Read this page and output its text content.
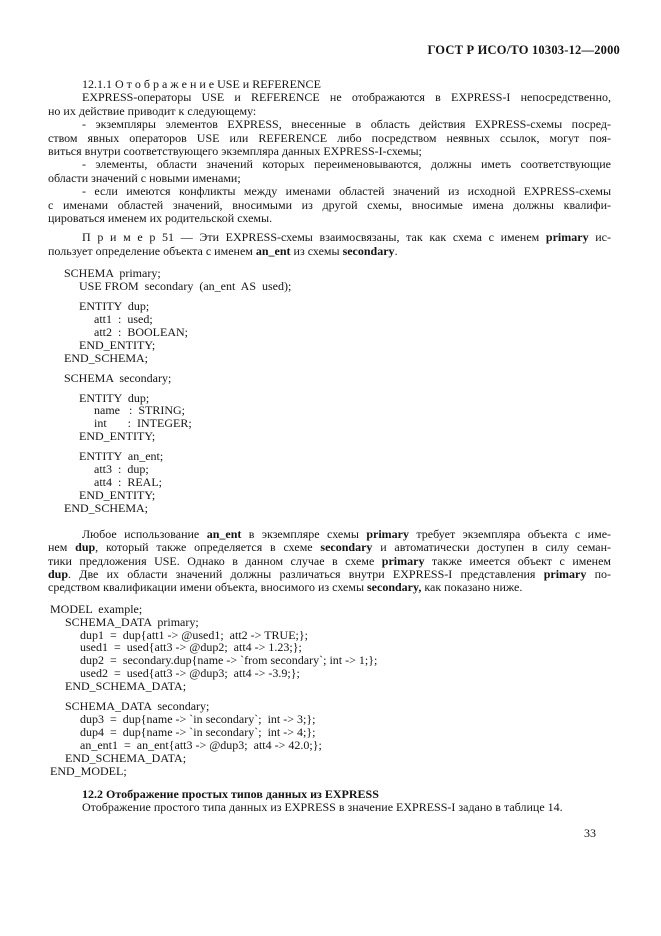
ГОСТ Р ИСО/ТО 10303-12—2000
12.1.1 О т о б р а ж е н и е USE и REFERENCE
EXPRESS-операторы USE и REFERENCE не отображаются в EXPRESS-I непосредственно,
но их действие приводит к следующему:
- экземпляры элементов EXPRESS, внесенные в область действия EXPRESS-схемы посред-
ством явных операторов USE или REFERENCE либо посредством неявных ссылок, могут поя-
виться внутри соответствующего экземпляра данных EXPRESS-I-схемы;
- элементы, области значений которых переименовываются, должны иметь соответствующие
области значений с новыми именами;
- если имеются конфликты между именами областей значений из исходной EXPRESS-схемы
с именами областей значений, вносимыми из другой схемы, вносимые имена должны квалифи-
цироваться именем их родительской схемы.
П р и м е р 51 — Эти EXPRESS-схемы взаимосвязаны, так как схема с именем primary ис-
пользует определение объекта с именем an_ent из схемы secondary.
SCHEMA  primary;
USE FROM  secondary  (an_ent  AS  used);
ENTITY  dup;
att1  :  used;
att2  :  BOOLEAN;
END_ENTITY;
END_SCHEMA;
SCHEMA  secondary;
ENTITY  dup;
name   :  STRING;
int       :  INTEGER;
END_ENTITY;
ENTITY  an_ent;
att3  :  dup;
att4  :  REAL;
END_ENTITY;
END_SCHEMA;
Любое использование an_ent в экземпляре схемы primary требует экземпляра объекта с име-
нем dup, который также определяется в схеме secondary и автоматически доступен в силу семан-
тики предложения USE. Однако в данном случае в схеме primary также имеется объект с именем
dup. Две их области значений должны различаться внутри EXPRESS-I представления primary по-
средством квалификации имени объекта, вносимого из схемы secondary, как показано ниже.
MODEL  example;
SCHEMA_DATA  primary;
dup1  =  dup{att1 -> @used1;  att2 -> TRUE;};
used1  =  used{att3 -> @dup2;  att4 -> 1.23;};
dup2  =  secondary.dup{name -> `from secondary`; int -> 1;};
used2  =  used{att3 -> @dup3;  att4 -> -3.9;};
END_SCHEMA_DATA;
SCHEMA_DATA  secondary;
dup3  =  dup{name -> `in secondary`;  int -> 3;};
dup4  =  dup{name -> `in secondary`;  int -> 4;};
an_ent1  =  an_ent{att3 -> @dup3;  att4 -> 42.0;};
END_SCHEMA_DATA;
END_MODEL;
12.2 Отображение простых типов данных из EXPRESS
Отображение простого типа данных из EXPRESS в значение EXPRESS-I задано в таблице 14.
33
